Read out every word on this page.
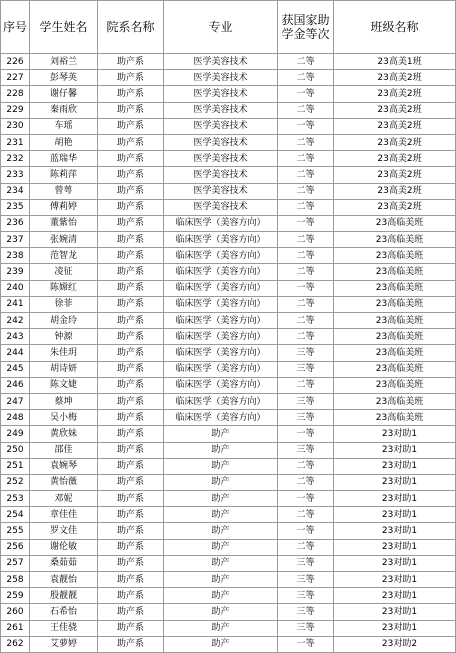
序号	学生姓名	院系名称	专业	获国家助学金等次	班级名称
226	刘裕兰	助产系	医学美容技术	二等	23高美1班
227	彭琴英	助产系	医学美容技术	二等	23高美2班
228	谢仔馨	助产系	医学美容技术	一等	23高美2班
229	秦雨欣	助产系	医学美容技术	二等	23高美2班
230	车瑶	助产系	医学美容技术	一等	23高美2班
231	胡艳	助产系	医学美容技术	二等	23高美2班
232	蓝瑞华	助产系	医学美容技术	二等	23高美2班
233	陈莉萍	助产系	医学美容技术	二等	23高美2班
234	曾萼	助产系	医学美容技术	二等	23高美2班
235	傅莉婷	助产系	医学美容技术	二等	23高美2班
236	董紫怡	助产系	临床医学（美容方向）	一等	23高临美班
237	张婉清	助产系	临床医学（美容方向）	二等	23高临美班
238	范智龙	助产系	临床医学（美容方向）	二等	23高临美班
239	凌征	助产系	临床医学（美容方向）	二等	23高临美班
240	陈嫦红	助产系	临床医学（美容方向）	一等	23高临美班
241	徐菲	助产系	临床医学（美容方向）	二等	23高临美班
242	胡金玲	助产系	临床医学（美容方向）	二等	23高临美班
243	钟源	助产系	临床医学（美容方向）	二等	23高临美班
244	朱佳玥	助产系	临床医学（美容方向）	三等	23高临美班
245	胡诗妍	助产系	临床医学（美容方向）	三等	23高临美班
246	陈文婕	助产系	临床医学（美容方向）	二等	23高临美班
247	蔡坤	助产系	临床医学（美容方向）	三等	23高临美班
248	吴小梅	助产系	临床医学（美容方向）	三等	23高临美班
249	黄欣妹	助产系	助产	一等	23对助1
250	邵佳	助产系	助产	三等	23对助1
251	袁婉琴	助产系	助产	二等	23对助1
252	黄怡薇	助产系	助产	二等	23对助1
253	邓妮	助产系	助产	一等	23对助1
254	章佳佳	助产系	助产	二等	23对助1
255	罗文佳	助产系	助产	一等	23对助1
256	谢伦敏	助产系	助产	二等	23对助1
257	桑茹茹	助产系	助产	三等	23对助1
258	袁靓怡	助产系	助产	三等	23对助1
259	殷靓靓	助产系	助产	三等	23对助1
260	石希怡	助产系	助产	三等	23对助1
261	王佳骁	助产系	助产	三等	23对助1
262	艾萝婷	助产系	助产	一等	23对助2
